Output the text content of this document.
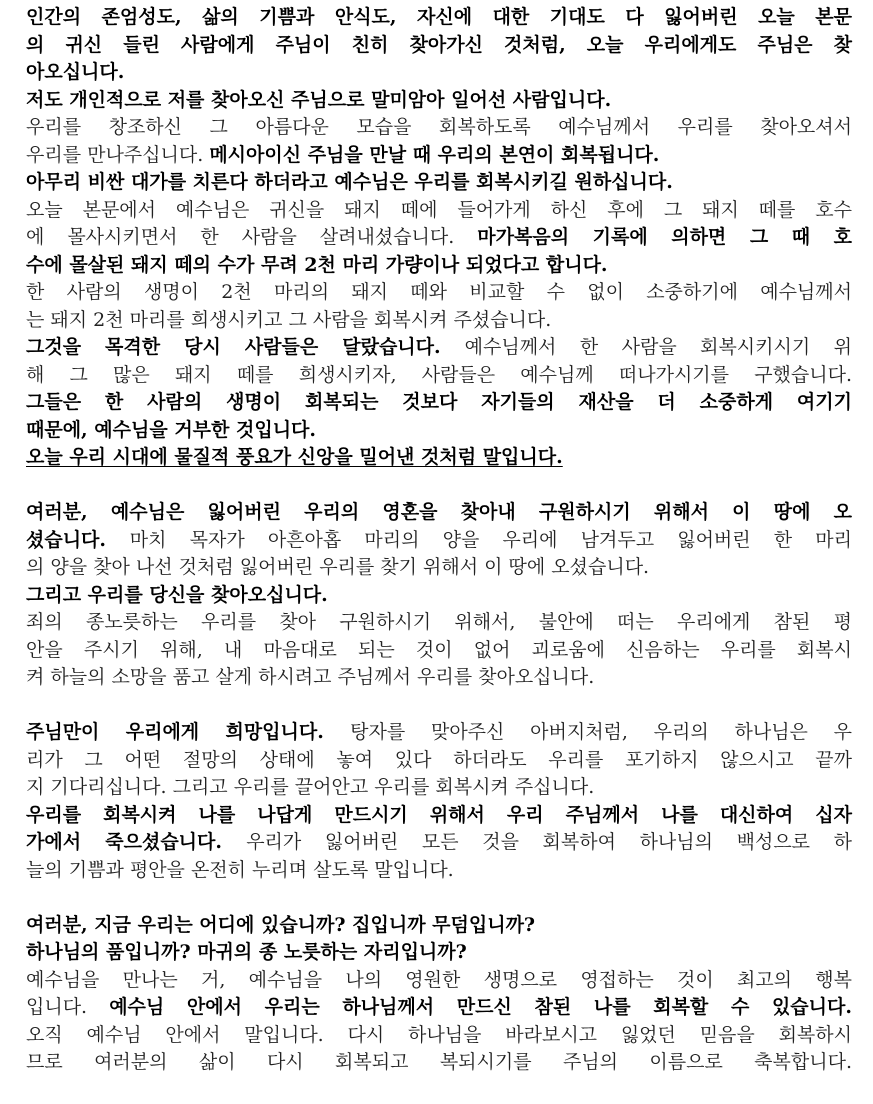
인간의 존엄성도, 삶의 기쁨과 안식도, 자신에 대한 기대도 다 잃어버린 오늘 본문
의 귀신 들린 사람에게 주님이 친히 찾아가신 것처럼, 오늘 우리에게도 주님은 찾
아오십니다.
저도 개인적으로 저를 찾아오신 주님으로 말미암아 일어선 사람입니다.
우리를 창조하신 그 아름다운 모습을 회복하도록 예수님께서 우리를 찾아오셔서
우리를 만나주십니다. 메시아이신 주님을 만날 때 우리의 본연이 회복됩니다.
아무리 비싼 대가를 치른다 하더라고 예수님은 우리를 회복시키길 원하십니다.
오늘 본문에서 예수님은 귀신을 돼지 떼에 들어가게 하신 후에 그 돼지 떼를 호수
에 몰사시키면서 한 사람을 살려내셨습니다. 마가복음의 기록에 의하면 그 때 호
수에 몰살된 돼지 떼의 수가 무려 2천 마리 가량이나 되었다고 합니다.
한 사람의 생명이 2천 마리의 돼지 떼와 비교할 수 없이 소중하기에 예수님께서
는 돼지 2천 마리를 희생시키고 그 사람을 회복시켜 주셨습니다.
그것을 목격한 당시 사람들은 달랐습니다. 예수님께서 한 사람을 회복시키시기 위
해 그 많은 돼지 떼를 희생시키자, 사람들은 예수님께 떠나가시기를 구했습니다.
그들은 한 사람의 생명이 회복되는 것보다 자기들의 재산을 더 소중하게 여기기
때문에, 예수님을 거부한 것입니다.
오늘 우리 시대에 물질적 풍요가 신앙을 밀어낸 것처럼 말입니다.
여러분, 예수님은 잃어버린 우리의 영혼을 찾아내 구원하시기 위해서 이 땅에 오
셨습니다. 마치 목자가 아흔아홉 마리의 양을 우리에 남겨두고 잃어버린 한 마리
의 양을 찾아 나선 것처럼 잃어버린 우리를 찾기 위해서 이 땅에 오셨습니다.
그리고 우리를 당신을 찾아오십니다.
죄의 종노릇하는 우리를 찾아 구원하시기 위해서, 불안에 떠는 우리에게 참된 평
안을 주시기 위해, 내 마음대로 되는 것이 없어 괴로움에 신음하는 우리를 회복시
켜 하늘의 소망을 품고 살게 하시려고 주님께서 우리를 찾아오십니다.
주님만이 우리에게 희망입니다. 탕자를 맞아주신 아버지처럼, 우리의 하나님은 우
리가 그 어떤 절망의 상태에 놓여 있다 하더라도 우리를 포기하지 않으시고 끝까
지 기다리십니다. 그리고 우리를 끌어안고 우리를 회복시켜 주십니다.
우리를 회복시켜 나를 나답게 만드시기 위해서 우리 주님께서 나를 대신하여 십자
가에서 죽으셨습니다. 우리가 잃어버린 모든 것을 회복하여 하나님의 백성으로 하
늘의 기쁨과 평안을 온전히 누리며 살도록 말입니다.
여러분, 지금 우리는 어디에 있습니까? 집입니까 무덤입니까?
하나님의 품입니까? 마귀의 종 노릇하는 자리입니까?
예수님을 만나는 거, 예수님을 나의 영원한 생명으로 영접하는 것이 최고의 행복
입니다. 예수님 안에서 우리는 하나님께서 만드신 참된 나를 회복할 수 있습니다.
오직 예수님 안에서 말입니다. 다시 하나님을 바라보시고 잃었던 믿음을 회복하시
므로 여러분의 삶이 다시 회복되고 복되시기를 주님의 이름으로 축복합니다.
